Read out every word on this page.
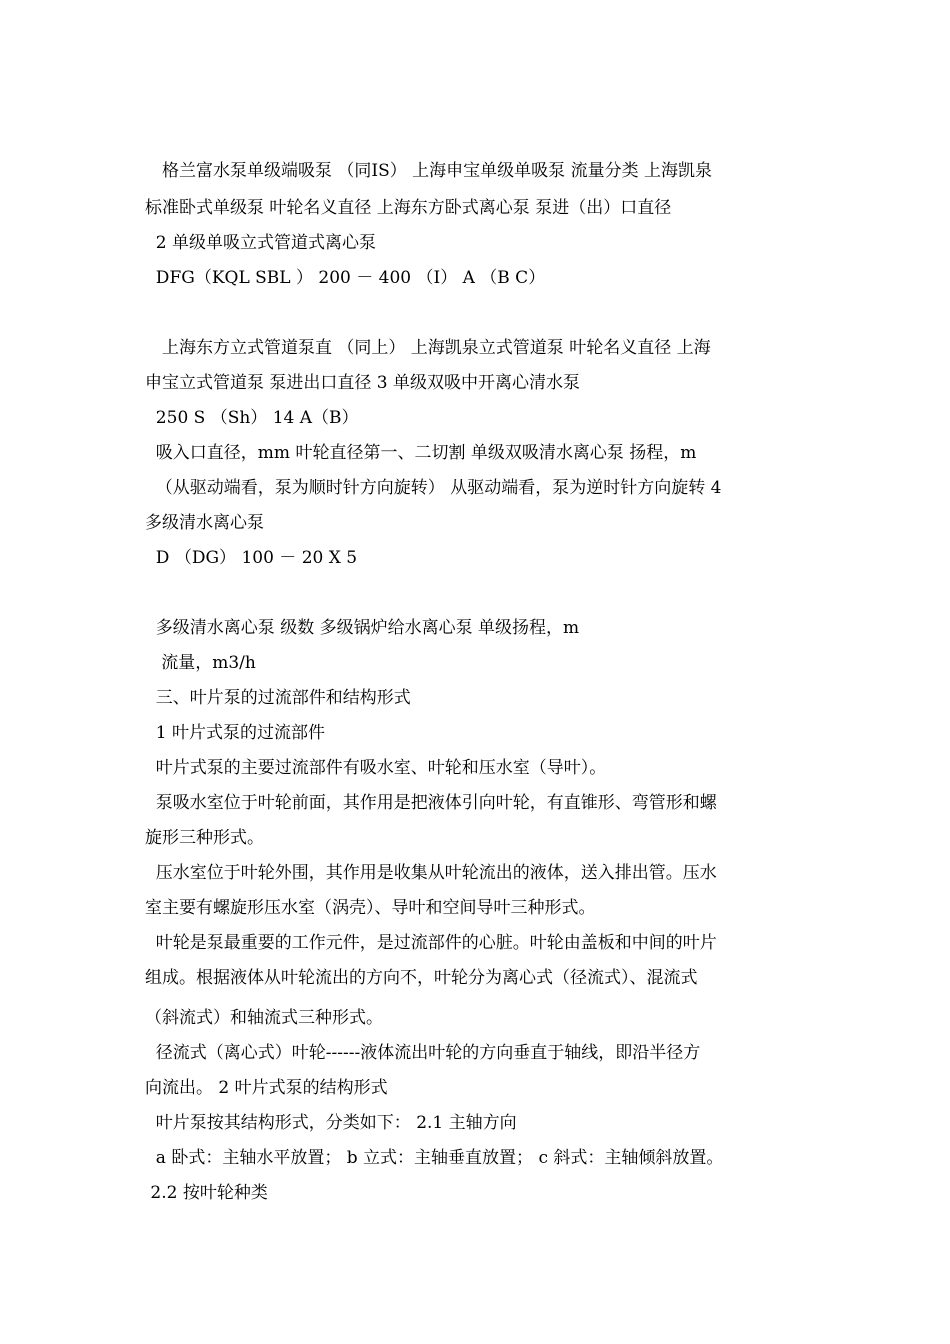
　格兰富水泵单级端吸泵 （同IS） 上海申宝单级单吸泵 流量分类 上海凯泉
标准卧式单级泵 叶轮名义直径 上海东方卧式离心泵 泵进（出）口直径
2 单级单吸立式管道式离心泵
DFG（KQL SBL ） 200 － 400 （I） A （B C）
　上海东方立式管道泵直 （同上） 上海凯泉立式管道泵 叶轮名义直径 上海
申宝立式管道泵 泵进出口直径 3 单级双吸中开离心清水泵
250 S （Sh） 14 A（B）
吸入口直径，mm 叶轮直径第一、二切割 单级双吸清水离心泵 扬程，m
（从驱动端看，泵为顺时针方向旋转） 从驱动端看，泵为逆时针方向旋转 4
多级清水离心泵
D （DG） 100 － 20 X 5
多级清水离心泵 级数 多级锅炉给水离心泵 单级扬程，m
流量，m3/h
三、叶片泵的过流部件和结构形式
1 叶片式泵的过流部件
叶片式泵的主要过流部件有吸水室、叶轮和压水室（导叶）。
泵吸水室位于叶轮前面，其作用是把液体引向叶轮，有直锥形、弯管形和螺
旋形三种形式。
压水室位于叶轮外围，其作用是收集从叶轮流出的液体，送入排出管。压水
室主要有螺旋形压水室（涡壳）、导叶和空间导叶三种形式。
叶轮是泵最重要的工作元件，是过流部件的心脏。叶轮由盖板和中间的叶片
组成。根据液体从叶轮流出的方向不，叶轮分为离心式（径流式）、混流式
（斜流式）和轴流式三种形式。
径流式（离心式）叶轮------液体流出叶轮的方向垂直于轴线，即沿半径方
向流出。 2 叶片式泵的结构形式
叶片泵按其结构形式，分类如下： 2.1 主轴方向
a 卧式：主轴水平放置； b 立式：主轴垂直放置； c 斜式：主轴倾斜放置。
2.2 按叶轮种类
